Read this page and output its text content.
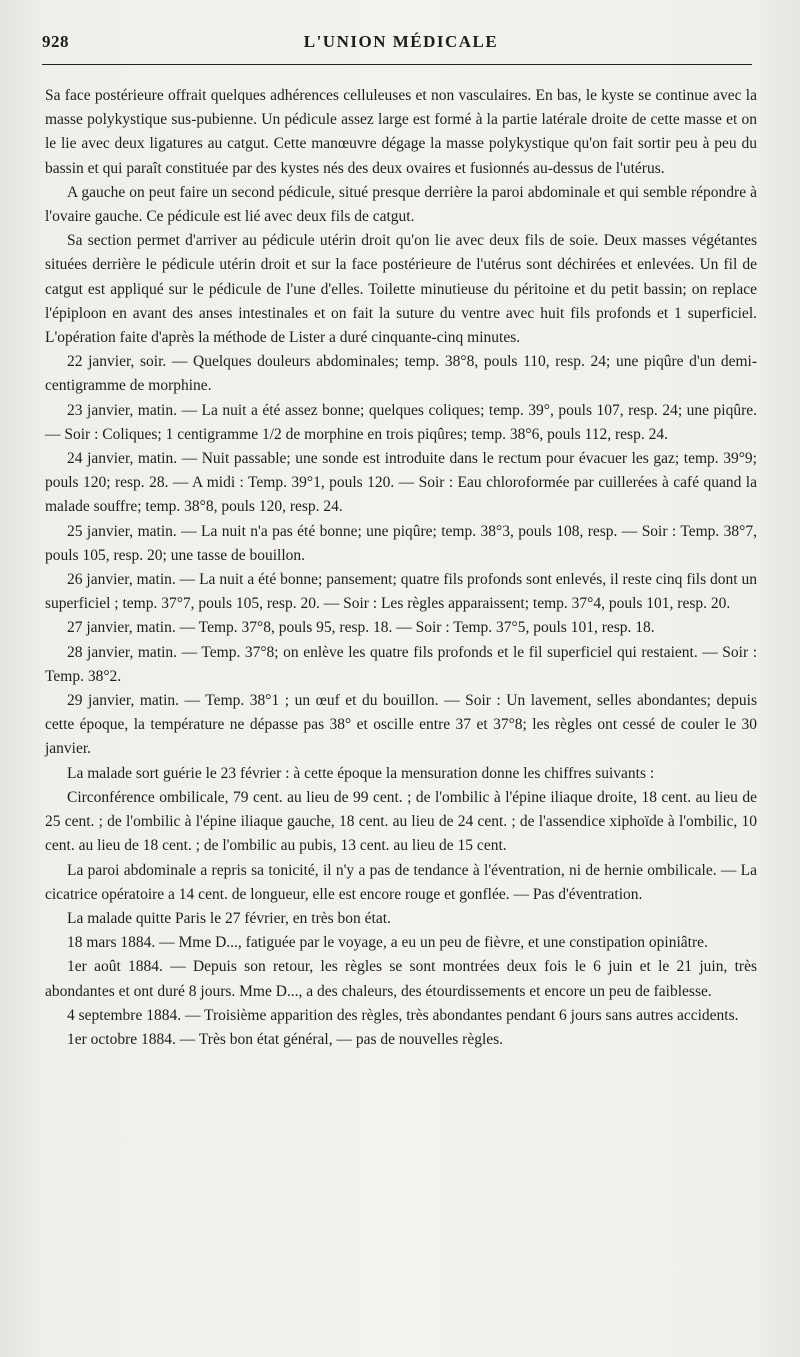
928	L'UNION MÉDICALE

Sa face postérieure offrait quelques adhérences celluleuses et non vasculaires. En bas, le kyste se continue avec la masse polykystique sus-pubienne. Un pédicule assez large est formé à la partie latérale droite de cette masse et on le lie avec deux ligatures au catgut. Cette manœuvre dégage la masse polykystique qu'on fait sortir peu à peu du bassin et qui paraît constituée par des kystes nés des deux ovaires et fusionnés au-dessus de l'utérus.

A gauche on peut faire un second pédicule, situé presque derrière la paroi abdominale et qui semble répondre à l'ovaire gauche. Ce pédicule est lié avec deux fils de catgut.

Sa section permet d'arriver au pédicule utérin droit qu'on lie avec deux fils de soie. Deux masses végétantes situées derrière le pédicule utérin droit et sur la face postérieure de l'utérus sont déchirées et enlevées. Un fil de catgut est appliqué sur le pédicule de l'une d'elles. Toilette minutieuse du péritoine et du petit bassin; on replace l'épiploon en avant des anses intestinales et on fait la suture du ventre avec huit fils profonds et 1 superficiel. L'opération faite d'après la méthode de Lister a duré cinquante-cinq minutes.

22 janvier, soir. — Quelques douleurs abdominales; temp. 38°8, pouls 110, resp. 24; une piqûre d'un demi-centigramme de morphine.

23 janvier, matin. — La nuit a été assez bonne; quelques coliques; temp. 39°, pouls 107, resp. 24; une piqûre. — Soir : Coliques; 1 centigramme 1/2 de morphine en trois piqûres; temp. 38°6, pouls 112, resp. 24.

24 janvier, matin. — Nuit passable; une sonde est introduite dans le rectum pour évacuer les gaz; temp. 39°9; pouls 120; resp. 28. — A midi : Temp. 39°1, pouls 120. — Soir : Eau chloroformée par cuillerées à café quand la malade souffre; temp. 38°8, pouls 120, resp. 24.

25 janvier, matin. — La nuit n'a pas été bonne; une piqûre; temp. 38°3, pouls 108, resp. — Soir : Temp. 38°7, pouls 105, resp. 20; une tasse de bouillon.

26 janvier, matin. — La nuit a été bonne; pansement; quatre fils profonds sont enlevés, il reste cinq fils dont un superficiel ; temp. 37°7, pouls 105, resp. 20. — Soir : Les règles apparaissent; temp. 37°4, pouls 101, resp. 20.

27 janvier, matin. — Temp. 37°8, pouls 95, resp. 18. — Soir : Temp. 37°5, pouls 101, resp. 18.

28 janvier, matin. — Temp. 37°8; on enlève les quatre fils profonds et le fil superficiel qui restaient. — Soir : Temp. 38°2.

29 janvier, matin. — Temp. 38°1 ; un œuf et du bouillon. — Soir : Un lavement, selles abondantes; depuis cette époque, la température ne dépasse pas 38° et oscille entre 37 et 37°8; les règles ont cessé de couler le 30 janvier.

La malade sort guérie le 23 février : à cette époque la mensuration donne les chiffres suivants :

Circonférence ombilicale, 79 cent. au lieu de 99 cent. ; de l'ombilic à l'épine iliaque droite, 18 cent. au lieu de 25 cent. ; de l'ombilic à l'épine iliaque gauche, 18 cent. au lieu de 24 cent. ; de l'assendice xiphoïde à l'ombilic, 10 cent. au lieu de 18 cent. ; de l'ombilic au pubis, 13 cent. au lieu de 15 cent.

La paroi abdominale a repris sa tonicité, il n'y a pas de tendance à l'éventration, ni de hernie ombilicale. — La cicatrice opératoire a 14 cent. de longueur, elle est encore rouge et gonflée. — Pas d'éventration.

La malade quitte Paris le 27 février, en très bon état.

18 mars 1884. — Mme D..., fatiguée par le voyage, a eu un peu de fièvre, et une constipation opiniâtre.

1er août 1884. — Depuis son retour, les règles se sont montrées deux fois le 6 juin et le 21 juin, très abondantes et ont duré 8 jours. Mme D..., a des chaleurs, des étourdissements et encore un peu de faiblesse.

4 septembre 1884. — Troisième apparition des règles, très abondantes pendant 6 jours sans autres accidents.

1er octobre 1884. — Très bon état général, — pas de nouvelles règles.
